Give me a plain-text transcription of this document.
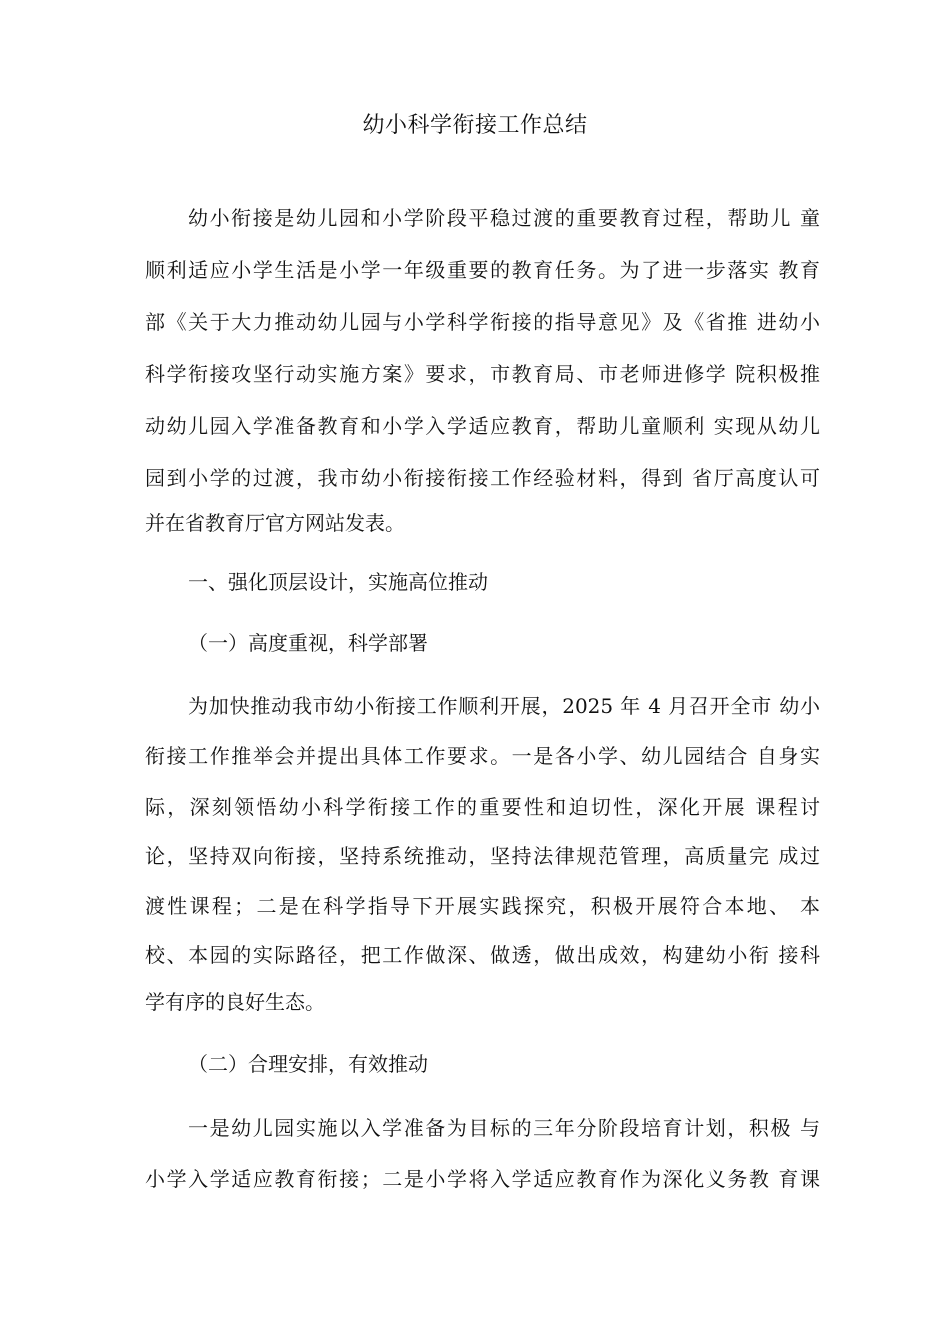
幼小科学衔接工作总结
幼小衔接是幼儿园和小学阶段平稳过渡的重要教育过程，帮助儿 童
顺利适应小学生活是小学一年级重要的教育任务。为了进一步落实 教育
部《关于大力推动幼儿园与小学科学衔接的指导意见》及《省推 进幼小
科学衔接攻坚行动实施方案》要求，市教育局、市老师进修学 院积极推
动幼儿园入学准备教育和小学入学适应教育，帮助儿童顺利 实现从幼儿
园到小学的过渡，我市幼小衔接衔接工作经验材料，得到 省厅高度认可
并在省教育厅官方网站发表。
一、强化顶层设计，实施高位推动
（一）高度重视，科学部署
为加快推动我市幼小衔接工作顺利开展，2025 年 4 月召开全市 幼小
衔接工作推举会并提出具体工作要求。一是各小学、幼儿园结合 自身实
际，深刻领悟幼小科学衔接工作的重要性和迫切性，深化开展 课程讨
论，坚持双向衔接，坚持系统推动，坚持法律规范管理，高质量完 成过
渡性课程；二是在科学指导下开展实践探究，积极开展符合本地、 本
校、本园的实际路径，把工作做深、做透，做出成效，构建幼小衔 接科
学有序的良好生态。
（二）合理安排，有效推动
一是幼儿园实施以入学准备为目标的三年分阶段培育计划，积极 与
小学入学适应教育衔接；二是小学将入学适应教育作为深化义务教 育课
